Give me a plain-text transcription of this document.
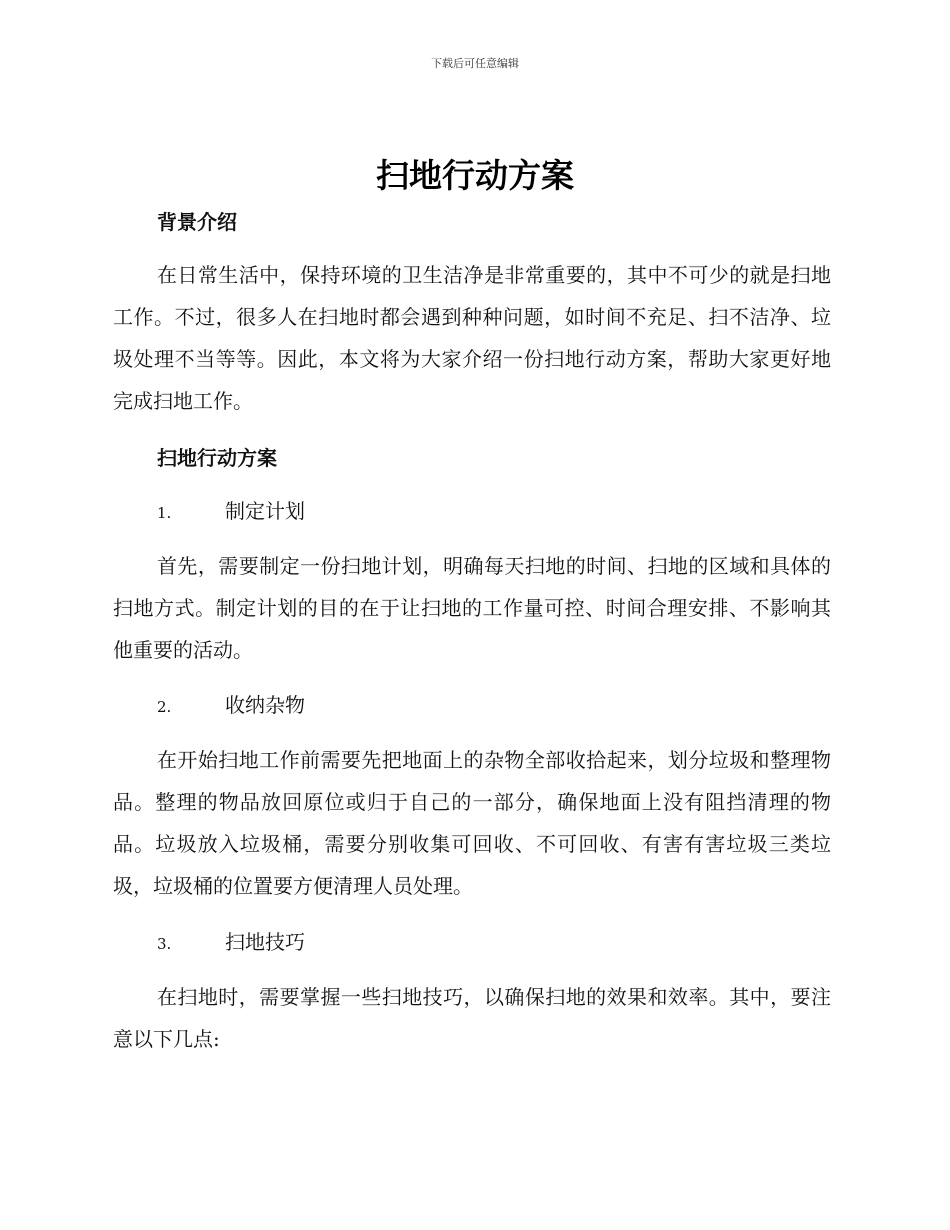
下载后可任意编辑
扫地行动方案
背景介绍

在日常生活中，保持环境的卫生洁净是非常重要的，其中不可少的就是扫地工作。不过，很多人在扫地时都会遇到种种问题，如时间不充足、扫不洁净、垃圾处理不当等等。因此，本文将为大家介绍一份扫地行动方案，帮助大家更好地完成扫地工作。

扫地行动方案
1.	制定计划

首先，需要制定一份扫地计划，明确每天扫地的时间、扫地的区域和具体的扫地方式。制定计划的目的在于让扫地的工作量可控、时间合理安排、不影响其他重要的活动。

2.	收纳杂物

在开始扫地工作前需要先把地面上的杂物全部收拾起来，划分垃圾和整理物品。整理的物品放回原位或归于自己的一部分，确保地面上没有阻挡清理的物品。垃圾放入垃圾桶，需要分别收集可回收、不可回收、有害有害垃圾三类垃圾，垃圾桶的位置要方便清理人员处理。

3.	扫地技巧

在扫地时，需要掌握一些扫地技巧，以确保扫地的效果和效率。其中，要注意以下几点:
